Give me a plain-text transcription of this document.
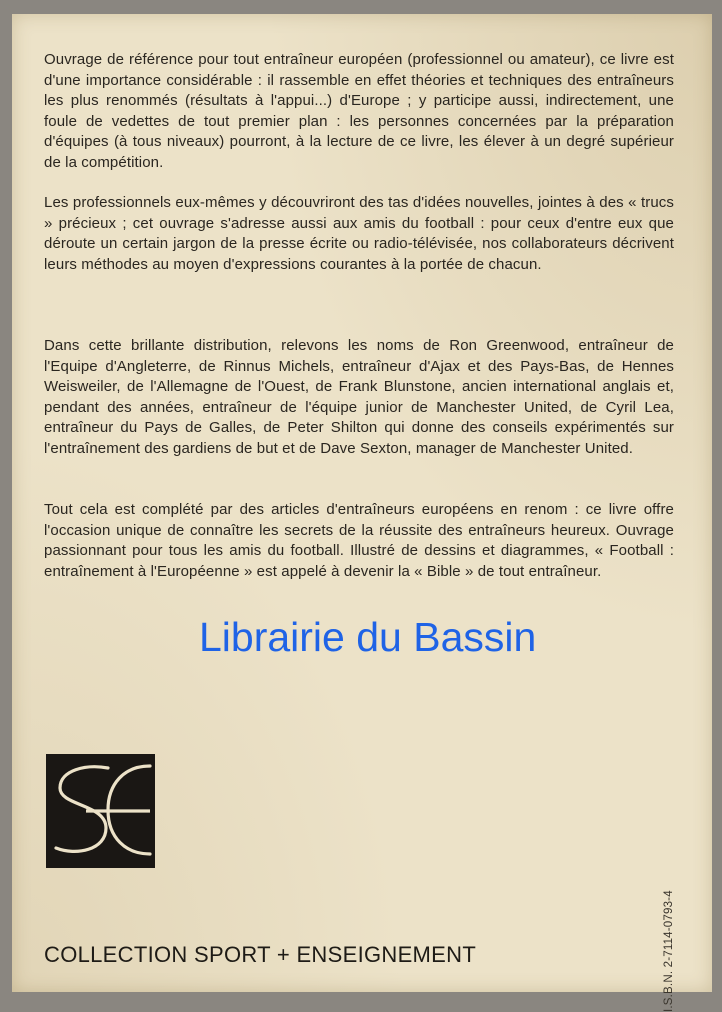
Ouvrage de référence pour tout entraîneur européen (professionnel ou amateur), ce livre est d'une importance considérable : il rassemble en effet théories et techniques des entraîneurs les plus renommés (résultats à l'appui...) d'Europe ; y participe aussi, indirectement, une foule de vedettes de tout premier plan : les personnes concernées par la préparation d'équipes (à tous niveaux) pourront, à la lecture de ce livre, les élever à un degré supérieur de la compétition.

Les professionnels eux-mêmes y découvriront des tas d'idées nouvelles, jointes à des « trucs » précieux ; cet ouvrage s'adresse aussi aux amis du football : pour ceux d'entre eux que déroute un certain jargon de la presse écrite ou radio-télévisée, nos collaborateurs décrivent leurs méthodes au moyen d'expressions courantes à la portée de chacun.

Dans cette brillante distribution, relevons les noms de Ron Greenwood, entraîneur de l'Equipe d'Angleterre, de Rinnus Michels, entraîneur d'Ajax et des Pays-Bas, de Hennes Weisweiler, de l'Allemagne de l'Ouest, de Frank Blunstone, ancien international anglais et, pendant des années, entraîneur de l'équipe junior de Manchester United, de Cyril Lea, entraîneur du Pays de Galles, de Peter Shilton qui donne des conseils expérimentés sur l'entraînement des gardiens de but et de Dave Sexton, manager de Manchester United.

Tout cela est complété par des articles d'entraîneurs européens en renom : ce livre offre l'occasion unique de connaître les secrets de la réussite des entraîneurs heureux. Ouvrage passionnant pour tous les amis du football. Illustré de dessins et diagrammes, « Football : entraînement à l'Européenne » est appelé à devenir la « Bible » de tout entraîneur.

Librairie du Bassin
COLLECTION SPORT + ENSEIGNEMENT	I.S.B.N. 2-7114-0793-4
